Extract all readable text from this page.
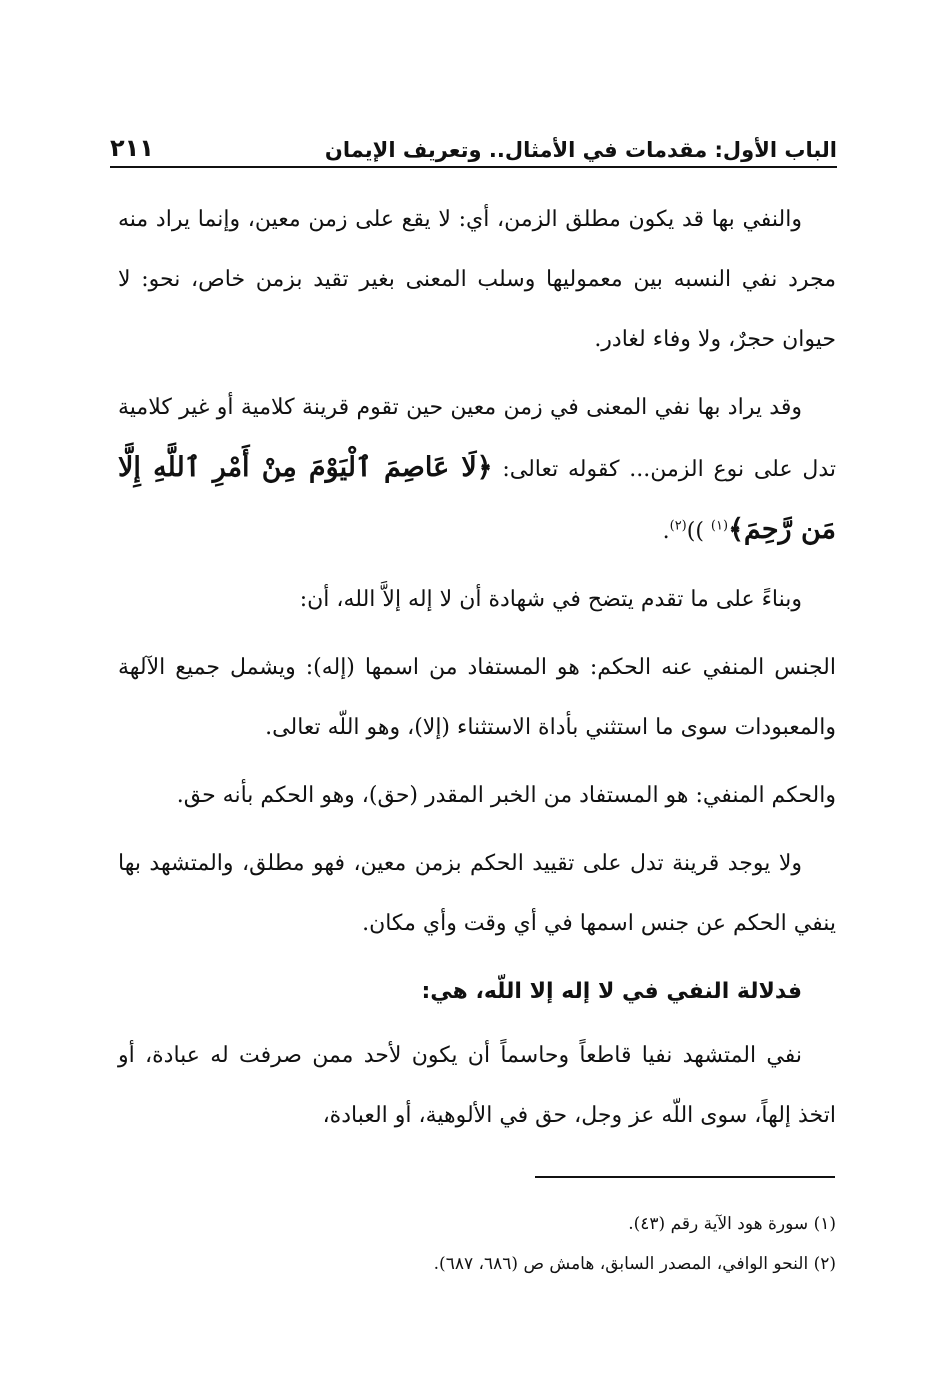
الباب الأول: مقدمات في الأمثال.. وتعريف الإيمان
٢١١

والنفي بها قد يكون مطلق الزمن، أي: لا يقع على زمن معين، وإنما يراد منه مجرد نفي النسبه بين معموليها وسلب المعنى بغير تقيد بزمن خاص، نحو: لا حيوان حجرٌ، ولا وفاء لغادر.

وقد يراد بها نفي المعنى في زمن معين حين تقوم قرينة كلامية أو غير كلامية تدل على نوع الزمن... كقوله تعالى: ﴿لَا عَاصِمَ ٱلْيَوْمَ مِنْ أَمْرِ ٱللَّهِ إِلَّا مَن رَّحِمَ﴾$^{(١)}$ ))$^{(٢)}$.

وبناءً على ما تقدم يتضح في شهادة أن لا إله إلاَّ الله، أن:

الجنس المنفي عنه الحكم: هو المستفاد من اسمها (إله): ويشمل جميع الآلهة والمعبودات سوى ما استثني بأداة الاستثناء (إلا)، وهو اللّه تعالى.

والحكم المنفي: هو المستفاد من الخبر المقدر (حق)، وهو الحكم بأنه حق.

ولا يوجد قرينة تدل على تقييد الحكم بزمن معين، فهو مطلق، والمتشهد بها ينفي الحكم عن جنس اسمها في أي وقت وأي مكان.

فدلالة النفي في لا إله إلا اللّه، هي:

نفي المتشهد نفيا قاطعاً وحاسماً أن يكون لأحد ممن صرفت له عبادة، أو اتخذ إلهاً، سوى اللّه عز وجل، حق في الألوهية، أو العبادة،

(١) سورة هود الآية رقم (٤٣).

(٢) النحو الوافي، المصدر السابق، هامش ص (٦٨٦، ٦٨٧).
